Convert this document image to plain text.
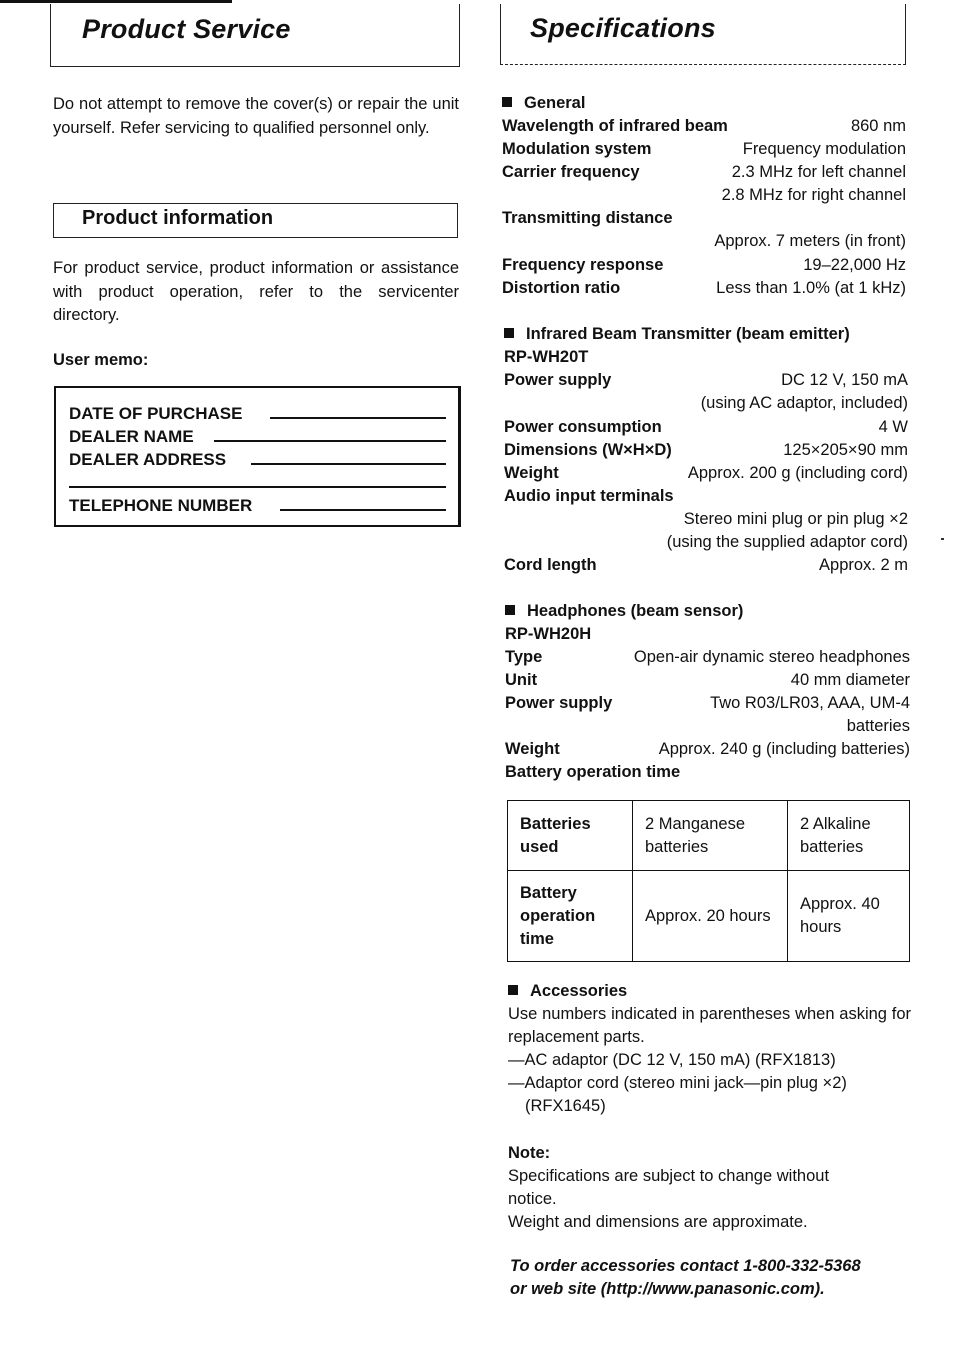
Product Service
Do not attempt to remove the cover(s) or repair the unit yourself. Refer servicing to qualified personnel only.
Product information
For product service, product information or assistance with product operation, refer to the servicenter directory.
User memo:
DATE OF PURCHASE
DEALER NAME
DEALER ADDRESS
TELEPHONE NUMBER
Specifications
General
Wavelength of infrared beam	860 nm
Modulation system	Frequency modulation
Carrier frequency	2.3 MHz for left channel
2.8 MHz for right channel
Transmitting distance
Approx. 7 meters (in front)
Frequency response	19–22,000 Hz
Distortion ratio	Less than 1.0% (at 1 kHz)
Infrared Beam Transmitter (beam emitter)
RP-WH20T
Power supply	DC 12 V, 150 mA
(using AC adaptor, included)
Power consumption	4 W
Dimensions (W×H×D)	125×205×90 mm
Weight	Approx. 200 g (including cord)
Audio input terminals
Stereo mini plug or pin plug ×2
(using the supplied adaptor cord)
Cord length	Approx. 2 m
Headphones (beam sensor)
RP-WH20H
Type	Open-air dynamic stereo headphones
Unit	40 mm diameter
Power supply	Two R03/LR03, AAA, UM-4
batteries
Weight	Approx. 240 g (including batteries)
Battery operation time
Batteries used	2 Manganese batteries	2 Alkaline batteries
Battery operation time	Approx. 20 hours	Approx. 40 hours
Accessories
Use numbers indicated in parentheses when asking for replacement parts.
—AC adaptor (DC 12 V, 150 mA) (RFX1813)
—Adaptor cord (stereo mini jack—pin plug ×2)
(RFX1645)
Note:
Specifications are subject to change without
notice.
Weight and dimensions are approximate.
To order accessories contact 1-800-332-5368
or web site (http://www.panasonic.com).
